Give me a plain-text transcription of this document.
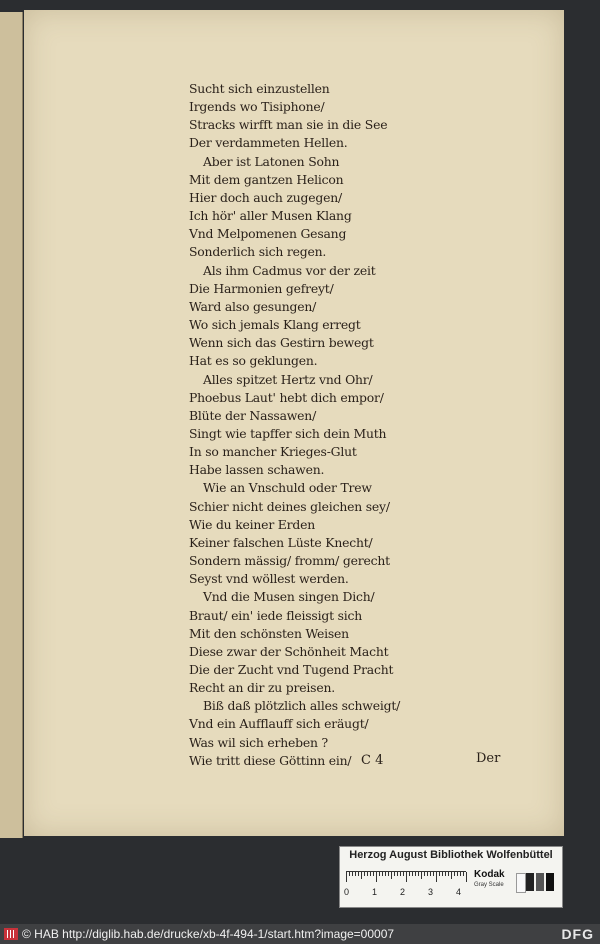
Sucht sich einzustellen
Irgends wo Tisiphone/
Stracks wirfft man sie in die See
Der verdammeten Hellen.
Aber ist Latonen Sohn
Mit dem gantzen Helicon
Hier doch auch zugegen/
Ich hör' aller Musen Klang
Vnd Melpomenen Gesang
Sonderlich sich regen.
Als ihm Cadmus vor der zeit
Die Harmonien gefreyt/
Ward also gesungen/
Wo sich jemals Klang erregt
Wenn sich das Gestirn bewegt
Hat es so geklungen.
Alles spitzet Hertz vnd Ohr/
Phoebus Laut' hebt dich empor/
Blüte der Nassawen/
Singt wie tapffer sich dein Muth
In so mancher Krieges-Glut
Habe lassen schawen.
Wie an Vnschuld oder Trew
Schier nicht deines gleichen sey/
Wie du keiner Erden
Keiner falschen Lüste Knecht/
Sondern mässig/ fromm/ gerecht
Seyst vnd wöllest werden.
Vnd die Musen singen Dich/
Braut/ ein' iede fleissigt sich
Mit den schönsten Weisen
Diese zwar der Schönheit Macht
Die der Zucht vnd Tugend Pracht
Recht an dir zu preisen.
Biß daß plötzlich alles schweigt/
Vnd ein Aufflauff sich eräugt/
Was wil sich erheben ?
Wie tritt diese Göttinn ein/ C 4	Der
Herzog August Bibliothek Wolfenbüttel
0	1	2	3	4
Kodak
Gray Scale
© HAB http://diglib.hab.de/drucke/xb-4f-494-1/start.htm?image=00007	DFG
